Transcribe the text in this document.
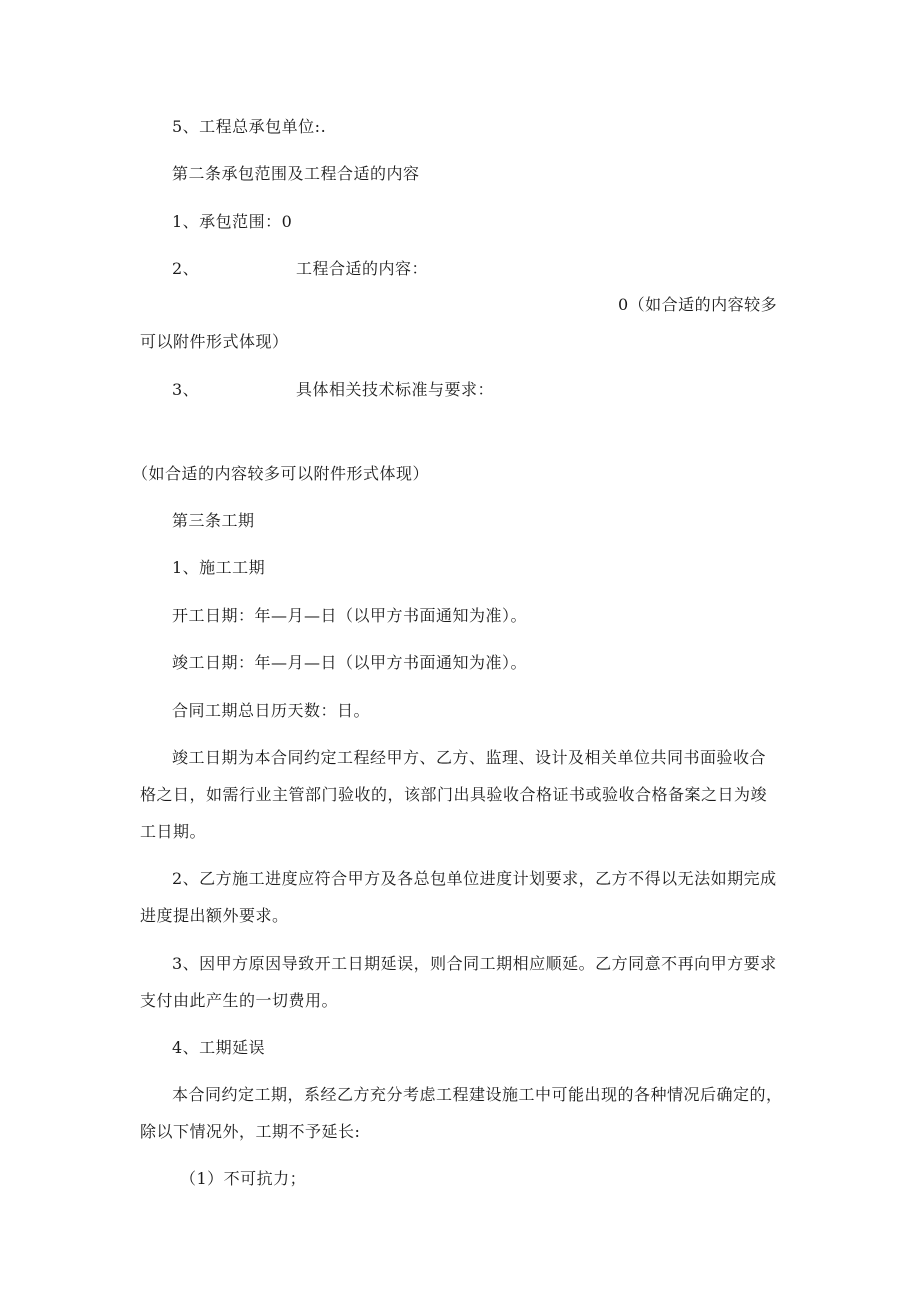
5、工程总承包单位:.
第二条承包范围及工程合适的内容
1、承包范围：0
2、	工程合适的内容：
0（如合适的内容较多
可以附件形式体现）
3、	具体相关技术标准与要求：
（如合适的内容较多可以附件形式体现）
第三条工期
1、施工工期
开工日期：年—月—日（以甲方书面通知为准）。
竣工日期：年—月—日（以甲方书面通知为准）。
合同工期总日历天数：日。
竣工日期为本合同约定工程经甲方、乙方、监理、设计及相关单位共同书面验收合
格之日，如需行业主管部门验收的，该部门出具验收合格证书或验收合格备案之日为竣
工日期。
2、乙方施工进度应符合甲方及各总包单位进度计划要求，乙方不得以无法如期完成
进度提出额外要求。
3、因甲方原因导致开工日期延误，则合同工期相应顺延。乙方同意不再向甲方要求
支付由此产生的一切费用。
4、工期延误
本合同约定工期，系经乙方充分考虑工程建设施工中可能出现的各种情况后确定的，
除以下情况外，工期不予延长:
（1）不可抗力；
